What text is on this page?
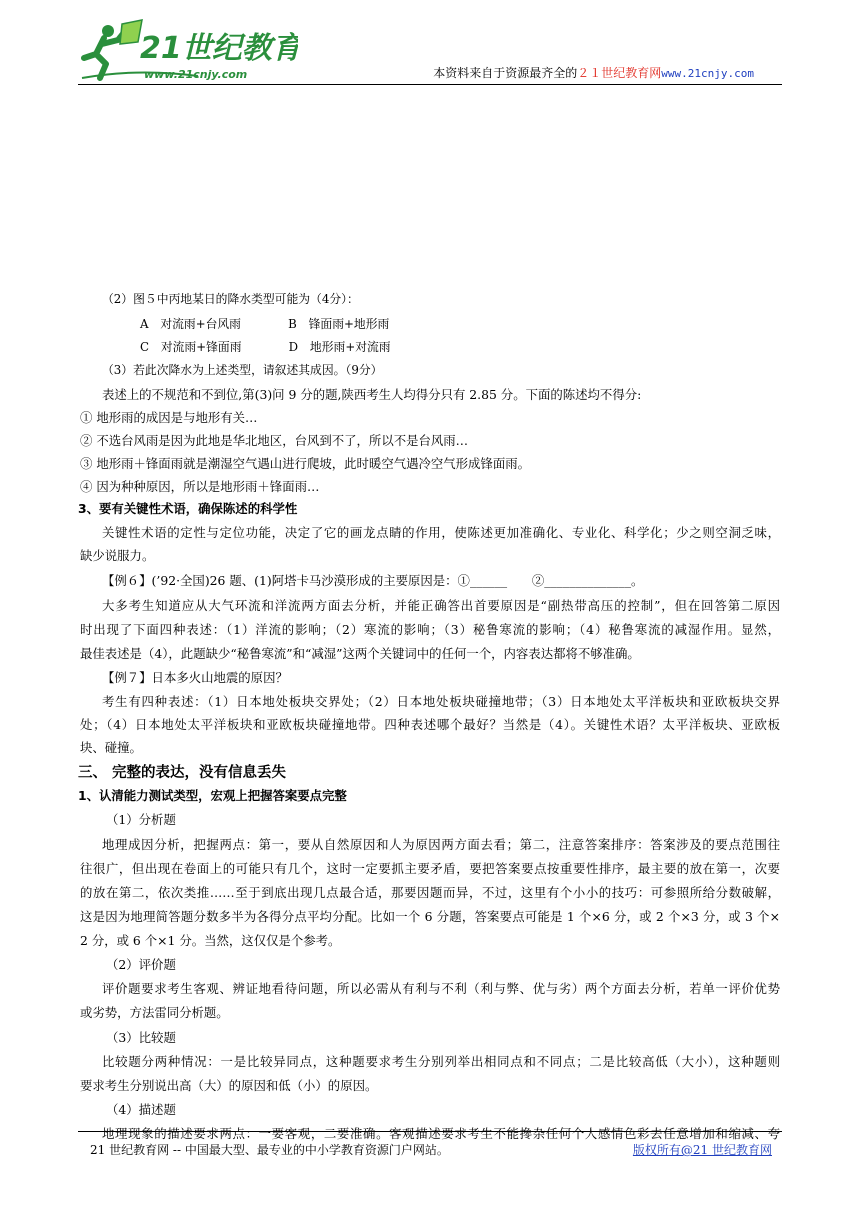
21世纪教育
www.21cnjy.com	本资料来自于资源最齐全的２１世纪教育网www.21cnjy.com
（2）图５中丙地某日的降水类型可能为（4分）：
A　对流雨+台风雨　　　　B　锋面雨+地形雨
C　对流雨+锋面雨　　　　D　地形雨+对流雨
（3）若此次降水为上述类型，请叙述其成因。（9分）
表述上的不规范和不到位,第(3)问 9 分的题,陕西考生人均得分只有 2.85 分。下面的陈述均不得分:
① 地形雨的成因是与地形有关…
② 不选台风雨是因为此地是华北地区，台风到不了，所以不是台风雨…
③ 地形雨＋锋面雨就是潮湿空气遇山进行爬坡，此时暖空气遇冷空气形成锋面雨。
④ 因为种种原因，所以是地形雨＋锋面雨…
3、要有关键性术语，确保陈述的科学性
关键性术语的定性与定位功能，决定了它的画龙点睛的作用，使陈述更加准确化、专业化、科学化；少之则空洞乏味，
缺少说服力。
【例６】(’92·全国)26 题、(1)阿塔卡马沙漠形成的主要原因是：①______　　②______________。
大多考生知道应从大气环流和洋流两方面去分析，并能正确答出首要原因是“副热带高压的控制”，但在回答第二原因
时出现了下面四种表述：（1）洋流的影响；（2）寒流的影响；（3）秘鲁寒流的影响；（4）秘鲁寒流的减湿作用。显然，
最佳表述是（4），此题缺少“秘鲁寒流”和“减湿”这两个关键词中的任何一个，内容表达都将不够准确。
【例７】日本多火山地震的原因？
考生有四种表述：（1）日本地处板块交界处；（2）日本地处板块碰撞地带；（3）日本地处太平洋板块和亚欧板块交界
处；（4）日本地处太平洋板块和亚欧板块碰撞地带。四种表述哪个最好？当然是（4）。关键性术语？太平洋板块、亚欧板
块、碰撞。
三、 完整的表达，没有信息丢失
1、认清能力测试类型，宏观上把握答案要点完整
（1）分析题
地理成因分析，把握两点：第一，要从自然原因和人为原因两方面去看；第二，注意答案排序：答案涉及的要点范围往
往很广，但出现在卷面上的可能只有几个，这时一定要抓主要矛盾，要把答案要点按重要性排序，最主要的放在第一，次要
的放在第二，依次类推……至于到底出现几点最合适，那要因题而异，不过，这里有个小小的技巧：可参照所给分数破解，
这是因为地理简答题分数多半为各得分点平均分配。比如一个 6 分题，答案要点可能是 1 个×6 分，或 2 个×3 分，或 3 个×
2 分，或 6 个×1 分。当然，这仅仅是个参考。
（2）评价题
评价题要求考生客观、辨证地看待问题，所以必需从有利与不利（利与弊、优与劣）两个方面去分析，若单一评价优势
或劣势，方法雷同分析题。
（3）比较题
比较题分两种情况：一是比较异同点，这种题要求考生分别列举出相同点和不同点；二是比较高低（大小），这种题则
要求考生分别说出高（大）的原因和低（小）的原因。
（4）描述题
地理现象的描述要求两点：一要客观，二要准确。客观描述要求考生不能搀杂任何个人感情色彩去任意增加和缩减、夸
21 世纪教育网 -- 中国最大型、最专业的中小学教育资源门户网站。	版权所有@21 世纪教育网
